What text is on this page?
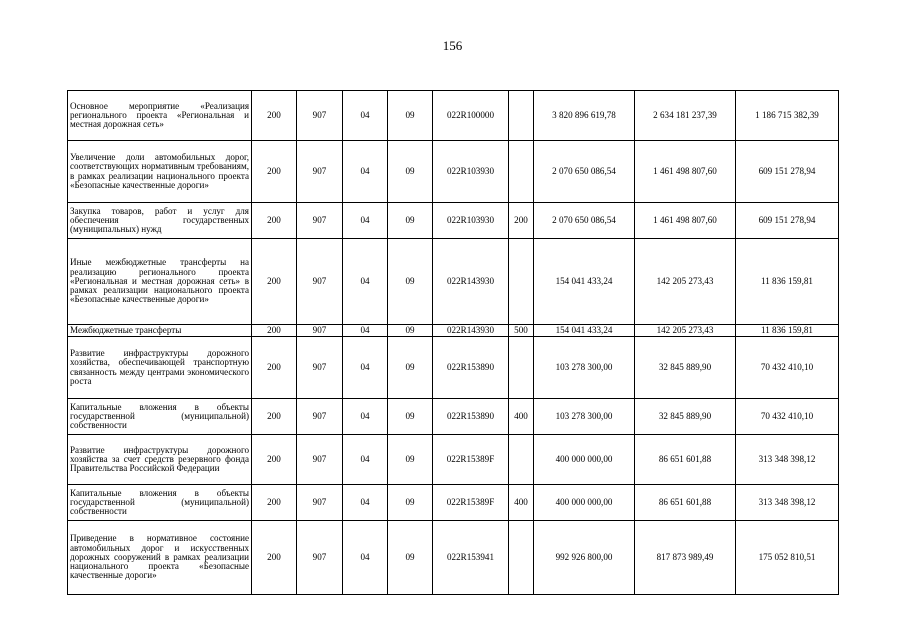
156
Основное мероприятие «Реализация регионального проекта «Региональная и местная дорожная сеть»	200	907	04	09	022R100000		3 820 896 619,78	2 634 181 237,39	1 186 715 382,39
Увеличение доли автомобильных дорог, соответствующих нормативным требованиям, в рамках реализации национального проекта «Безопасные качественные дороги»	200	907	04	09	022R103930		2 070 650 086,54	1 461 498 807,60	609 151 278,94
Закупка товаров, работ и услуг для обеспечения государственных (муниципальных) нужд	200	907	04	09	022R103930	200	2 070 650 086,54	1 461 498 807,60	609 151 278,94
Иные межбюджетные трансферты на реализацию регионального проекта «Региональная и местная дорожная сеть» в рамках реализации национального проекта «Безопасные качественные дороги»	200	907	04	09	022R143930		154 041 433,24	142 205 273,43	11 836 159,81
Межбюджетные трансферты	200	907	04	09	022R143930	500	154 041 433,24	142 205 273,43	11 836 159,81
Развитие инфраструктуры дорожного хозяйства, обеспечивающей транспортную связанность между центрами экономического роста	200	907	04	09	022R153890		103 278 300,00	32 845 889,90	70 432 410,10
Капитальные вложения в объекты государственной (муниципальной) собственности	200	907	04	09	022R153890	400	103 278 300,00	32 845 889,90	70 432 410,10
Развитие инфраструктуры дорожного хозяйства за счет средств резервного фонда Правительства Российской Федерации	200	907	04	09	022R15389F		400 000 000,00	86 651 601,88	313 348 398,12
Капитальные вложения в объекты государственной (муниципальной) собственности	200	907	04	09	022R15389F	400	400 000 000,00	86 651 601,88	313 348 398,12
Приведение в нормативное состояние автомобильных дорог и искусственных дорожных сооружений в рамках реализации национального проекта «Безопасные качественные дороги»	200	907	04	09	022R153941		992 926 800,00	817 873 989,49	175 052 810,51
